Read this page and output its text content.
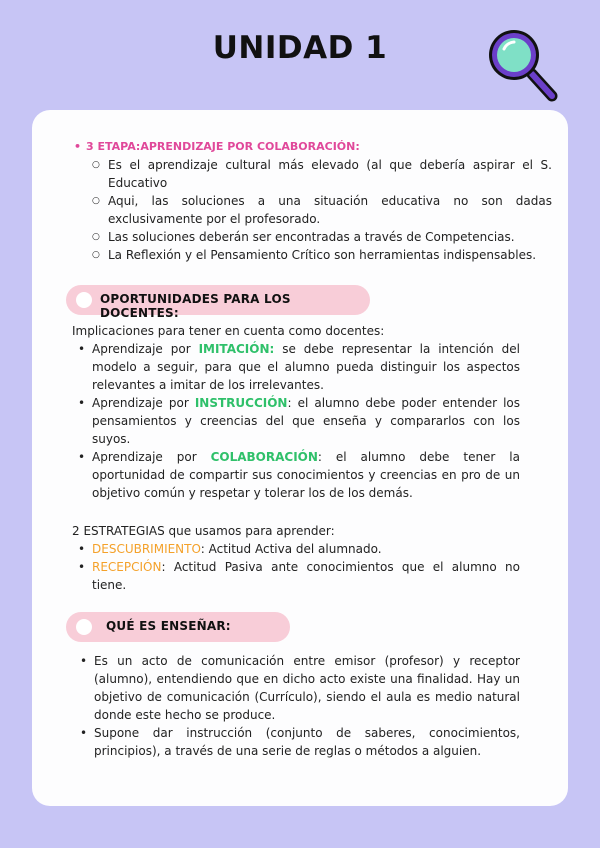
UNIDAD 1
• 3 ETAPA:APRENDIZAJE POR COLABORACIÓN:
○ Es el aprendizaje cultural más elevado (al que debería aspirar el S. Educativo
○ Aqui, las soluciones a una situación educativa no son dadas exclusivamente por el profesorado.
○ Las soluciones deberán ser encontradas a través de Competencias.
○ La Reflexión y el Pensamiento Crítico son herramientas indispensables.
OPORTUNIDADES PARA LOS DOCENTES:
Implicaciones para tener en cuenta como docentes:
• Aprendizaje por IMITACIÓN: se debe representar la intención del modelo a seguir, para que el alumno pueda distinguir los aspectos relevantes a imitar de los irrelevantes.
• Aprendizaje por INSTRUCCIÓN: el alumno debe poder entender los pensamientos y creencias del que enseña y compararlos con los suyos.
• Aprendizaje por COLABORACIÓN: el alumno debe tener la oportunidad de compartir sus conocimientos y creencias en pro de un objetivo común y respetar y tolerar los de los demás.
2 ESTRATEGIAS que usamos para aprender:
• DESCUBRIMIENTO: Actitud Activa del alumnado.
• RECEPCIÓN: Actitud Pasiva ante conocimientos que el alumno no tiene.
QUÉ ES ENSEÑAR:
• Es un acto de comunicación entre emisor (profesor) y receptor (alumno), entendiendo que en dicho acto existe una finalidad. Hay un objetivo de comunicación (Currículo), siendo el aula es medio natural donde este hecho se produce.
• Supone dar instrucción (conjunto de saberes, conocimientos, principios), a través de una serie de reglas o métodos a alguien.
